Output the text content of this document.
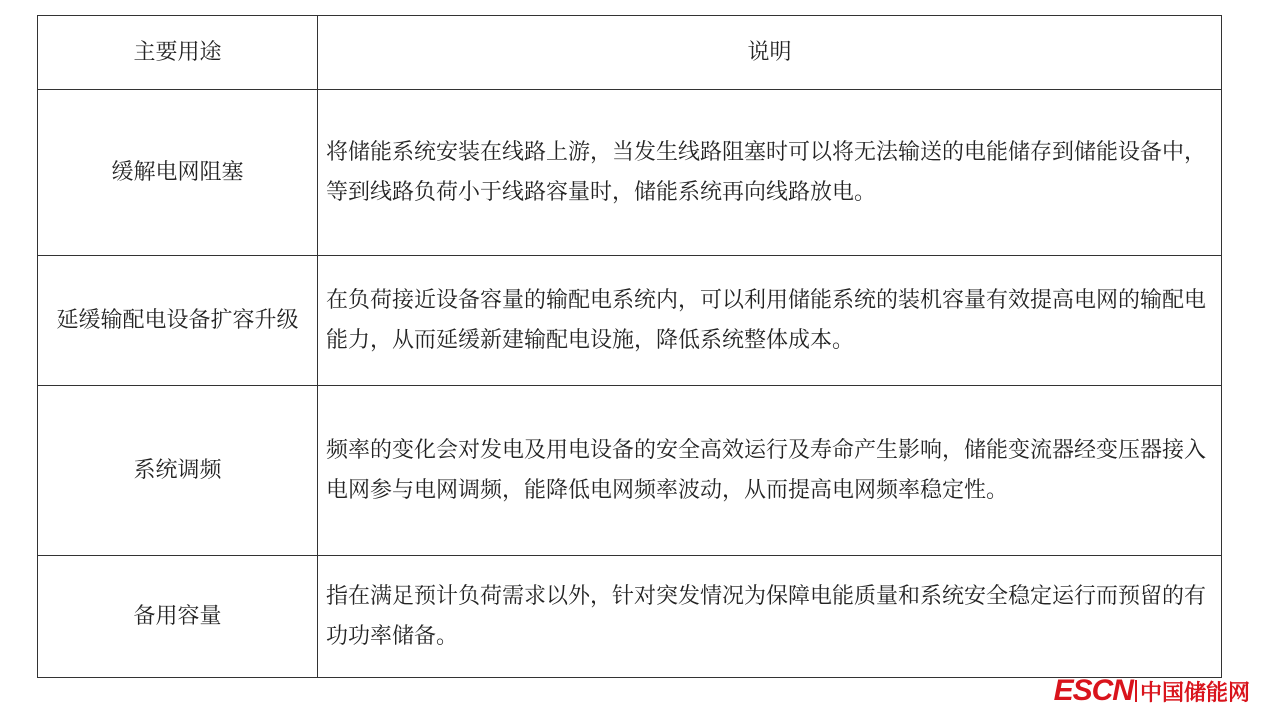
主要用途	说明
缓解电网阻塞	将储能系统安装在线路上游，当发生线路阻塞时可以将无法输送的电能储存到储能设备中，等到线路负荷小于线路容量时，储能系统再向线路放电。
延缓输配电设备扩容升级	在负荷接近设备容量的输配电系统内，可以利用储能系统的装机容量有效提高电网的输配电能力，从而延缓新建输配电设施，降低系统整体成本。
系统调频	频率的变化会对发电及用电设备的安全高效运行及寿命产生影响，储能变流器经变压器接入电网参与电网调频，能降低电网频率波动，从而提高电网频率稳定性。
备用容量	指在满足预计负荷需求以外，针对突发情况为保障电能质量和系统安全稳定运行而预留的有功功率储备。
ESCN 中国储能网
